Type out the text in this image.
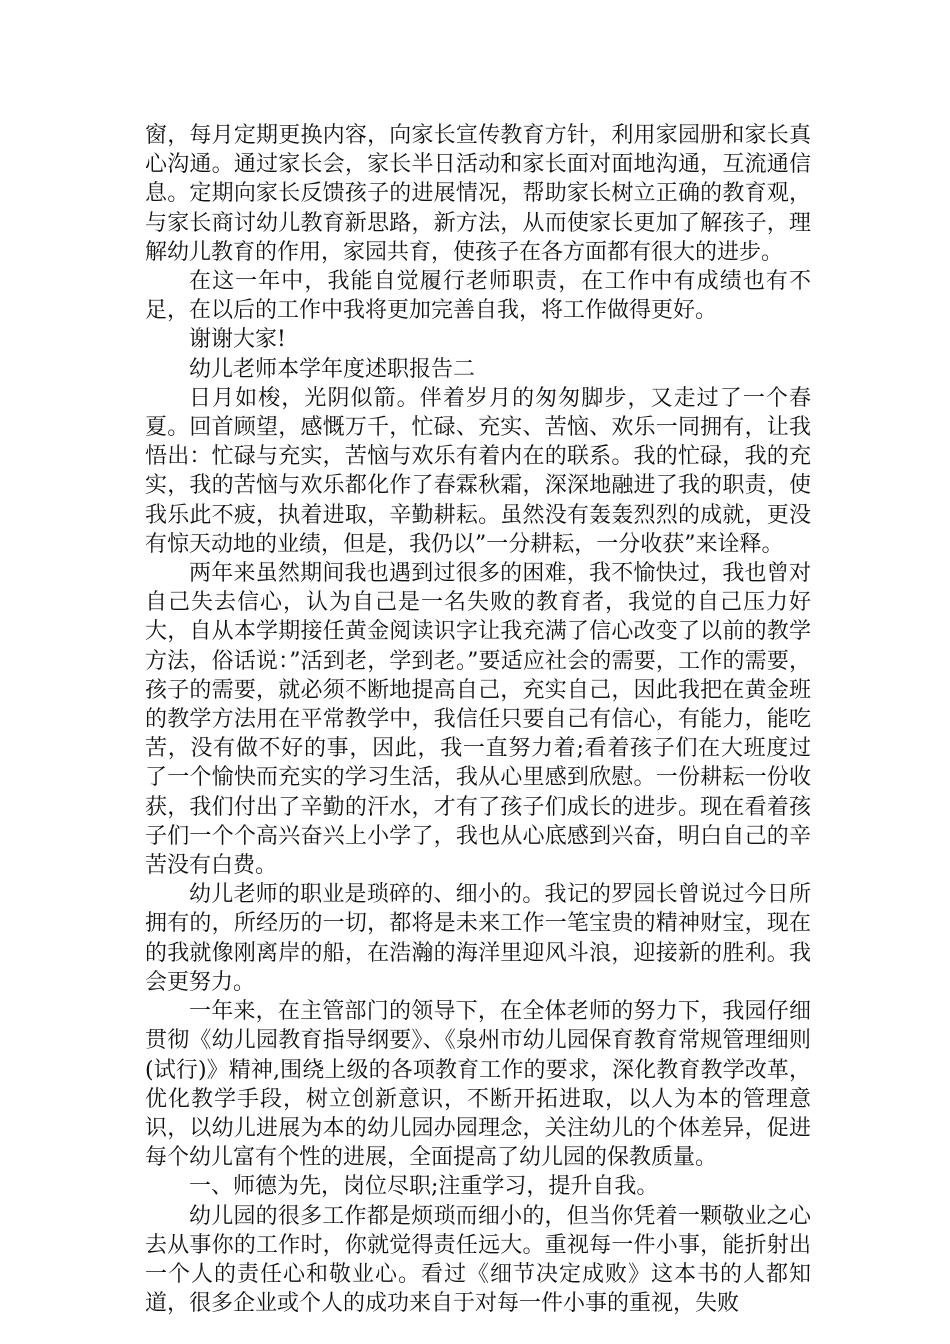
窗，每月定期更换内容，向家长宣传教育方针，利用家园册和家长真心沟通。通过家长会，家长半日活动和家长面对面地沟通，互流通信息。定期向家长反馈孩子的进展情况，帮助家长树立正确的教育观，与家长商讨幼儿教育新思路，新方法，从而使家长更加了解孩子，理解幼儿教育的作用，家园共育，使孩子在各方面都有很大的进步。

在这一年中，我能自觉履行老师职责，在工作中有成绩也有不足，在以后的工作中我将更加完善自我，将工作做得更好。

谢谢大家!

幼儿老师本学年度述职报告二

日月如梭，光阴似箭。伴着岁月的匆匆脚步，又走过了一个春夏。回首顾望，感慨万千，忙碌、充实、苦恼、欢乐一同拥有，让我悟出：忙碌与充实，苦恼与欢乐有着内在的联系。我的忙碌，我的充实，我的苦恼与欢乐都化作了春霖秋霜，深深地融进了我的职责，使我乐此不疲，执着进取，辛勤耕耘。虽然没有轰轰烈烈的成就，更没有惊天动地的业绩，但是，我仍以”一分耕耘，一分收获”来诠释。

两年来虽然期间我也遇到过很多的困难，我不愉快过，我也曾对自己失去信心，认为自己是一名失败的教育者，我觉的自己压力好大，自从本学期接任黄金阅读识字让我充满了信心改变了以前的教学方法，俗话说：”活到老，学到老。”要适应社会的需要，工作的需要，孩子的需要，就必须不断地提高自己，充实自己，因此我把在黄金班的教学方法用在平常教学中，我信任只要自己有信心，有能力，能吃苦，没有做不好的事，因此，我一直努力着;看着孩子们在大班度过了一个愉快而充实的学习生活，我从心里感到欣慰。一份耕耘一份收获，我们付出了辛勤的汗水，才有了孩子们成长的进步。现在看着孩子们一个个高兴奋兴上小学了，我也从心底感到兴奋，明白自己的辛苦没有白费。

幼儿老师的职业是琐碎的、细小的。我记的罗园长曾说过今日所拥有的，所经历的一切，都将是未来工作一笔宝贵的精神财宝，现在的我就像刚离岸的船，在浩瀚的海洋里迎风斗浪，迎接新的胜利。我会更努力。

一年来，在主管部门的领导下，在全体老师的努力下，我园仔细贯彻《幼儿园教育指导纲要》、《泉州市幼儿园保育教育常规管理细则(试行)》精神,围绕上级的各项教育工作的要求，深化教育教学改革，优化教学手段，树立创新意识，不断开拓进取，以人为本的管理意识，以幼儿进展为本的幼儿园办园理念，关注幼儿的个体差异，促进每个幼儿富有个性的进展，全面提高了幼儿园的保教质量。

一、师德为先，岗位尽职;注重学习，提升自我。

幼儿园的很多工作都是烦琐而细小的，但当你凭着一颗敬业之心去从事你的工作时，你就觉得责任远大。重视每一件小事，能折射出一个人的责任心和敬业心。看过《细节决定成败》这本书的人都知道，很多企业或个人的成功来自于对每一件小事的重视，失败
